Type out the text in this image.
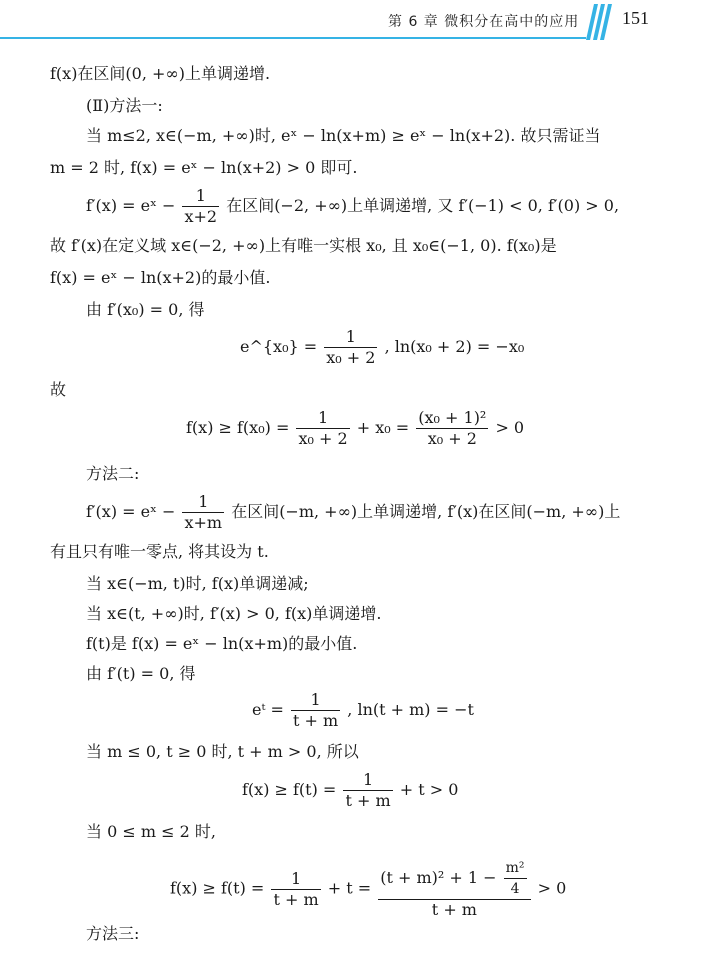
第 6 章 微积分在高中的应用 151
f(x)在区间(0, +∞)上单调递增.
(Ⅱ)方法一:
当 m≤2, x∈(−m, +∞)时, eˣ − ln(x+m) ≥ eˣ − ln(x+2). 故只需证当
m = 2 时, f(x) = eˣ − ln(x+2) > 0 即可.
f′(x) = eˣ − $\frac{1}{x+2}$ 在区间(−2, +∞)上单调递增, 又 f′(−1) < 0, f′(0) > 0,
故 f′(x)在定义域 x∈(−2, +∞)上有唯一实根 x₀, 且 x₀∈(−1, 0). f(x₀)是
f(x) = eˣ − ln(x+2)的最小值.
由 f′(x₀) = 0, 得
e^{x₀} = $\frac{1}{\text{x₀ + 2}}$ , ln(x₀ + 2) = −x₀
故
$f(x) \ge f(x_0) = \frac{1}{\text{x₀ + 2}} + x_0 = \frac{\text{(x₀ + 1)²}}{\text{x₀ + 2}} > 0$
方法二:
f′(x) = eˣ − $\frac{1}{x+m}$ 在区间(−m, +∞)上单调递增, f′(x)在区间(−m, +∞)上
有且只有唯一零点, 将其设为 t.
当 x∈(−m, t)时, f(x)单调递减;
当 x∈(t, +∞)时, f′(x) > 0, f(x)单调递增.
f(t)是 f(x) = eˣ − ln(x+m)的最小值.
由 f′(t) = 0, 得
eᵗ = $\frac{1}{t + m}$ , ln(t + m) = −t
当 m ≤ 0, t ≥ 0 时, t + m > 0, 所以
$f(x) \ge f(t) = \frac{1}{t + m} + t > 0$
当 0 ≤ m ≤ 2 时,
$f(x) \ge f(t) = \frac{1}{t + m} + t = \frac{(t + m)^2 + 1 - \frac{\text{m²}}{4}}{t + m} > 0$
方法三:
